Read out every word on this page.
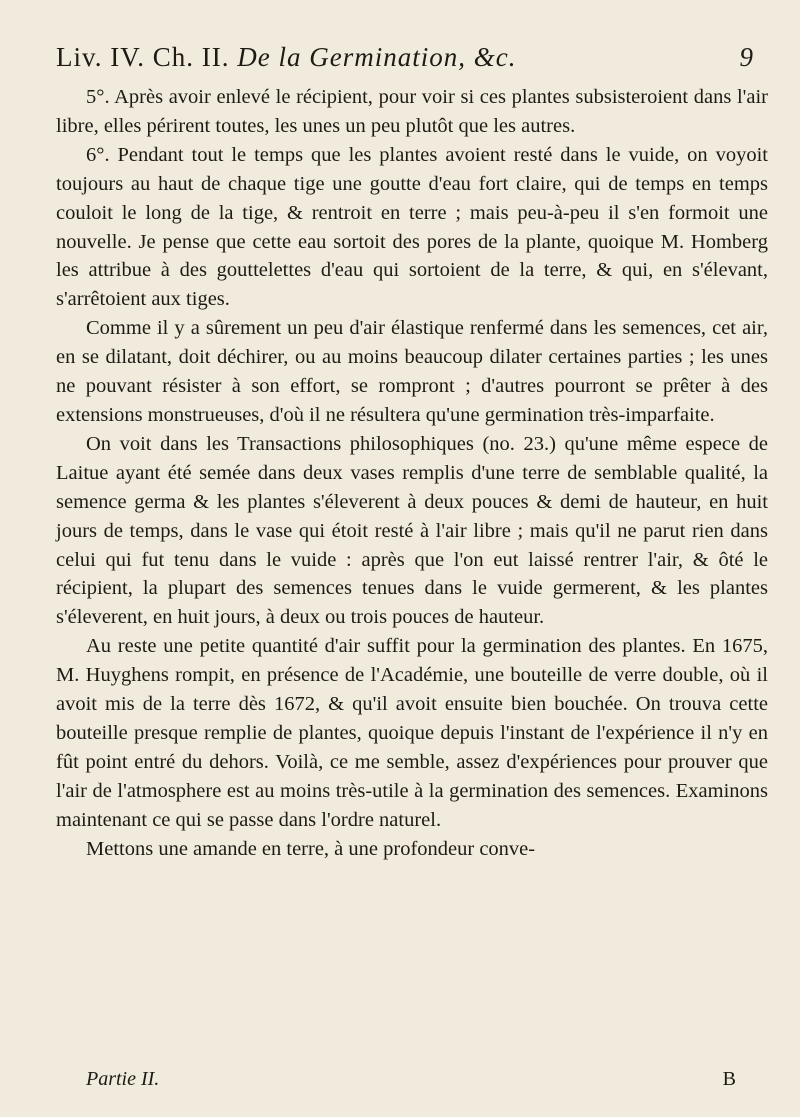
Liv. IV. Ch. II. De la Germination, &c.	9

5°. Après avoir enlevé le récipient, pour voir si ces plantes subsisteroient dans l'air libre, elles périrent toutes, les unes un peu plutôt que les autres.

6°. Pendant tout le temps que les plantes avoient resté dans le vuide, on voyoit toujours au haut de chaque tige une goutte d'eau fort claire, qui de temps en temps couloit le long de la tige, & rentroit en terre ; mais peu-à-peu il s'en formoit une nouvelle. Je pense que cette eau sortoit des pores de la plante, quoique M. Homberg les attribue à des gouttelettes d'eau qui sortoient de la terre, & qui, en s'élevant, s'arrêtoient aux tiges.

Comme il y a sûrement un peu d'air élastique renfermé dans les semences, cet air, en se dilatant, doit déchirer, ou au moins beaucoup dilater certaines parties ; les unes ne pouvant résister à son effort, se rompront ; d'autres pourront se prêter à des extensions monstrueuses, d'où il ne résultera qu'une germination très-imparfaite.

On voit dans les Transactions philosophiques (no. 23.) qu'une même espece de Laitue ayant été semée dans deux vases remplis d'une terre de semblable qualité, la semence germa & les plantes s'éleverent à deux pouces & demi de hauteur, en huit jours de temps, dans le vase qui étoit resté à l'air libre ; mais qu'il ne parut rien dans celui qui fut tenu dans le vuide : après que l'on eut laissé rentrer l'air, & ôté le récipient, la plupart des semences tenues dans le vuide germerent, & les plantes s'éleverent, en huit jours, à deux ou trois pouces de hauteur.

Au reste une petite quantité d'air suffit pour la germination des plantes. En 1675, M. Huyghens rompit, en présence de l'Académie, une bouteille de verre double, où il avoit mis de la terre dès 1672, & qu'il avoit ensuite bien bouchée. On trouva cette bouteille presque remplie de plantes, quoique depuis l'instant de l'expérience il n'y en fût point entré du dehors. Voilà, ce me semble, assez d'expériences pour prouver que l'air de l'atmosphere est au moins très-utile à la germination des semences. Examinons maintenant ce qui se passe dans l'ordre naturel.

Mettons une amande en terre, à une profondeur conve-

Partie II.	B
